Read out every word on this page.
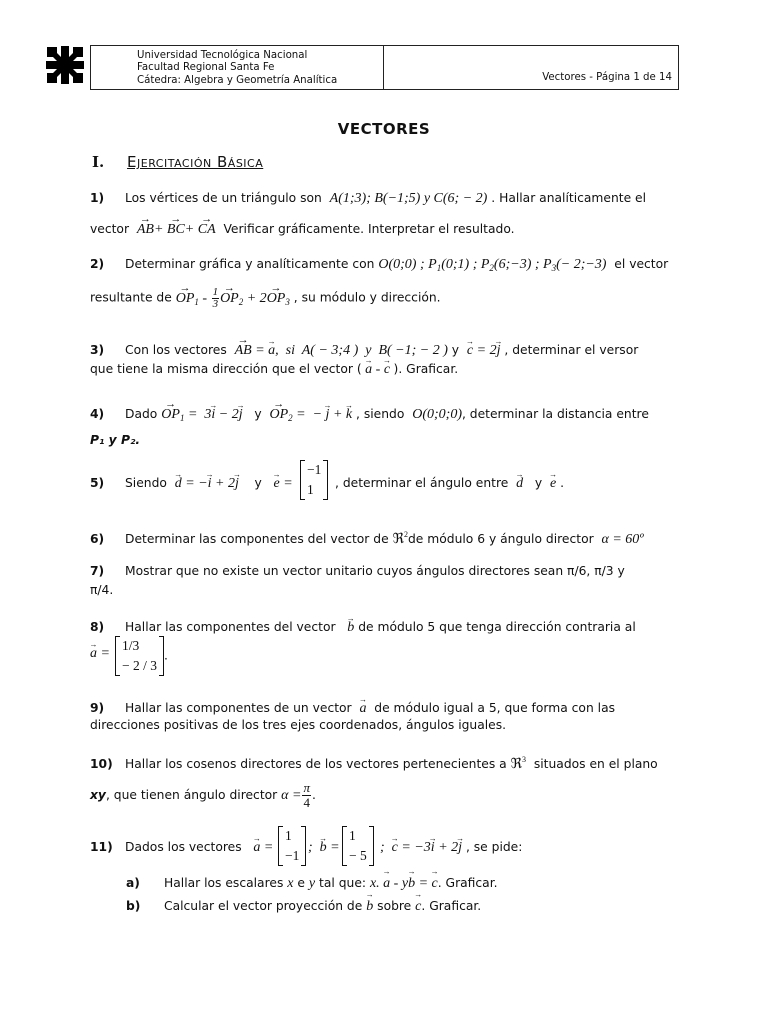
Universidad Tecnológica Nacional
Facultad Regional Santa Fe
Cátedra: Algebra y Geometría Analítica	Vectores - Página 1 de 14
VECTORES
I. Ejercitación Básica
1) Los vértices de un triángulo son A(1;3); B(−1;5) y C(6; − 2) . Hallar analíticamente el
vector  → AB+ → BC+ → CA Verificar gráficamente. Interpretar el resultado.
2) Determinar gráfica y analíticamente con O(0;0) ; $P_1(0;1)$ ; $P_2(6;-3)$ ; $P_3(-$ 2;−3) el vector
resultante de → $OP_1 - \frac{1}{3}$
→ $OP_2 + 2\to OP_3$ , su módulo y dirección.
3) Con los vectores  → AB = → a,  si  A( − 3;4 )  y  B( −1; − 2 ) y  → c = 2→ j , determinar el versor
que tiene la misma dirección que el vector ( → a - → c ). Graficar.
4) Dado → $OP_1 = 3\to i - 2\to j$ $y \to OP_2$ =  − → j + → k , siendo O(0;0;0), determinar la distancia entre
P₁ y P₂.
5) Siendo  → d = −→ i + 2→ j y   → e =
−1
1	, determinar el ángulo entre  → d y  → e .
6) Determinar las componentes del vector de ℜ$^2$de módulo 6 y ángulo director α = 60º
7) Mostrar que no existe un vector unitario cuyos ángulos directores sean π/6, π/3 y
π/4.
8) Hallar las componentes del vector   → b de módulo 5 que tenga dirección contraria al
→ a =
1/3
− 2 / 3
.
9) Hallar las componentes de un vector  → a de módulo igual a 5, que forma con las
direcciones positivas de los tres ejes coordenados, ángulos iguales.
10) Hallar los cosenos directores de los vectores pertenecientes a ℜ$^3$ situados en el plano
xy, que tienen ángulo director $\alpha = \frac{\pi}{4}$ .
11) Dados los vectores   → a =
1
−1
;  → b =
1
− 5
;  → c = −3→ i + 2→ j , se pide:
a) Hallar los escalares x e y tal que: x. → a - y→ b = → c. Graficar.
b) Calcular el vector proyección de → b sobre → c. Graficar.
